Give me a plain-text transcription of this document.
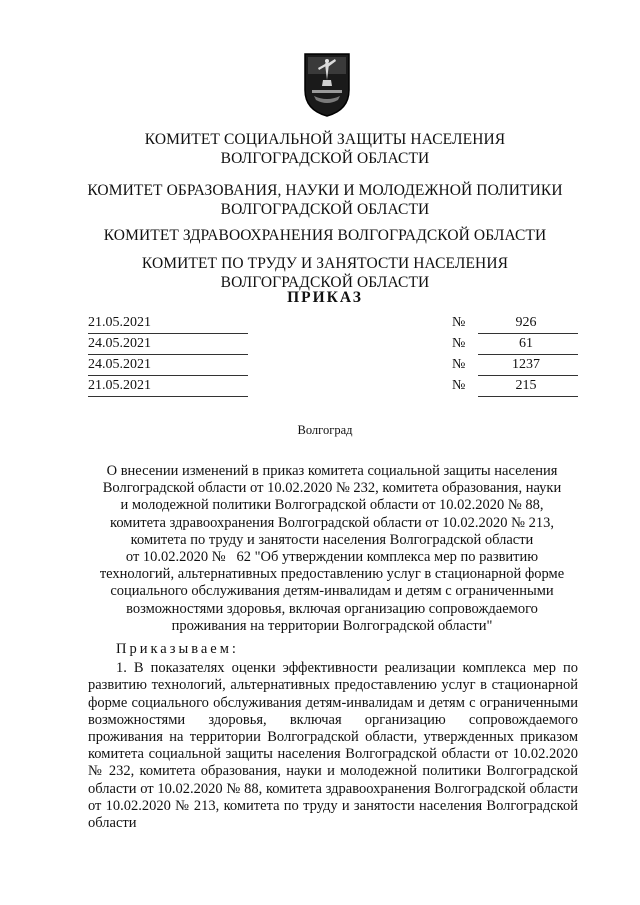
КОМИТЕТ СОЦИАЛЬНОЙ ЗАЩИТЫ НАСЕЛЕНИЯ
ВОЛГОГРАДСКОЙ ОБЛАСТИ
КОМИТЕТ ОБРАЗОВАНИЯ, НАУКИ И МОЛОДЕЖНОЙ ПОЛИТИКИ
ВОЛГОГРАДСКОЙ ОБЛАСТИ
КОМИТЕТ ЗДРАВООХРАНЕНИЯ ВОЛГОГРАДСКОЙ ОБЛАСТИ
КОМИТЕТ ПО ТРУДУ И ЗАНЯТОСТИ НАСЕЛЕНИЯ
ВОЛГОГРАДСКОЙ ОБЛАСТИ
ПРИКАЗ
21.05.2021	№	926
24.05.2021	№	61
24.05.2021	№	1237
21.05.2021	№	215
Волгоград
О внесении изменений в приказ комитета социальной защиты населения
Волгоградской области от 10.02.2020 № 232, комитета образования, науки
и молодежной политики Волгоградской области от 10.02.2020 № 88,
комитета здравоохранения Волгоградской области от 10.02.2020 № 213,
комитета по труду и занятости населения Волгоградской области
от 10.02.2020 №   62 "Об утверждении комплекса мер по развитию
технологий, альтернативных предоставлению услуг в стационарной форме
социального обслуживания детям-инвалидам и детям с ограниченными
возможностями здоровья, включая организацию сопровождаемого
проживания на территории Волгоградской области"
Приказываем:

1. В показателях оценки эффективности реализации комплекса мер по развитию технологий, альтернативных предоставлению услуг в стационарной форме социального обслуживания детям-инвалидам и детям с ограниченными возможностями здоровья, включая организацию сопровождаемого проживания на территории Волгоградской области, утвержденных приказом комитета социальной защиты населения Волгоградской области от 10.02.2020 № 232, комитета образования, науки и молодежной политики Волгоградской области от 10.02.2020 № 88, комитета здравоохранения Волгоградской области от 10.02.2020 № 213, комитета по труду и занятости населения Волгоградской области
